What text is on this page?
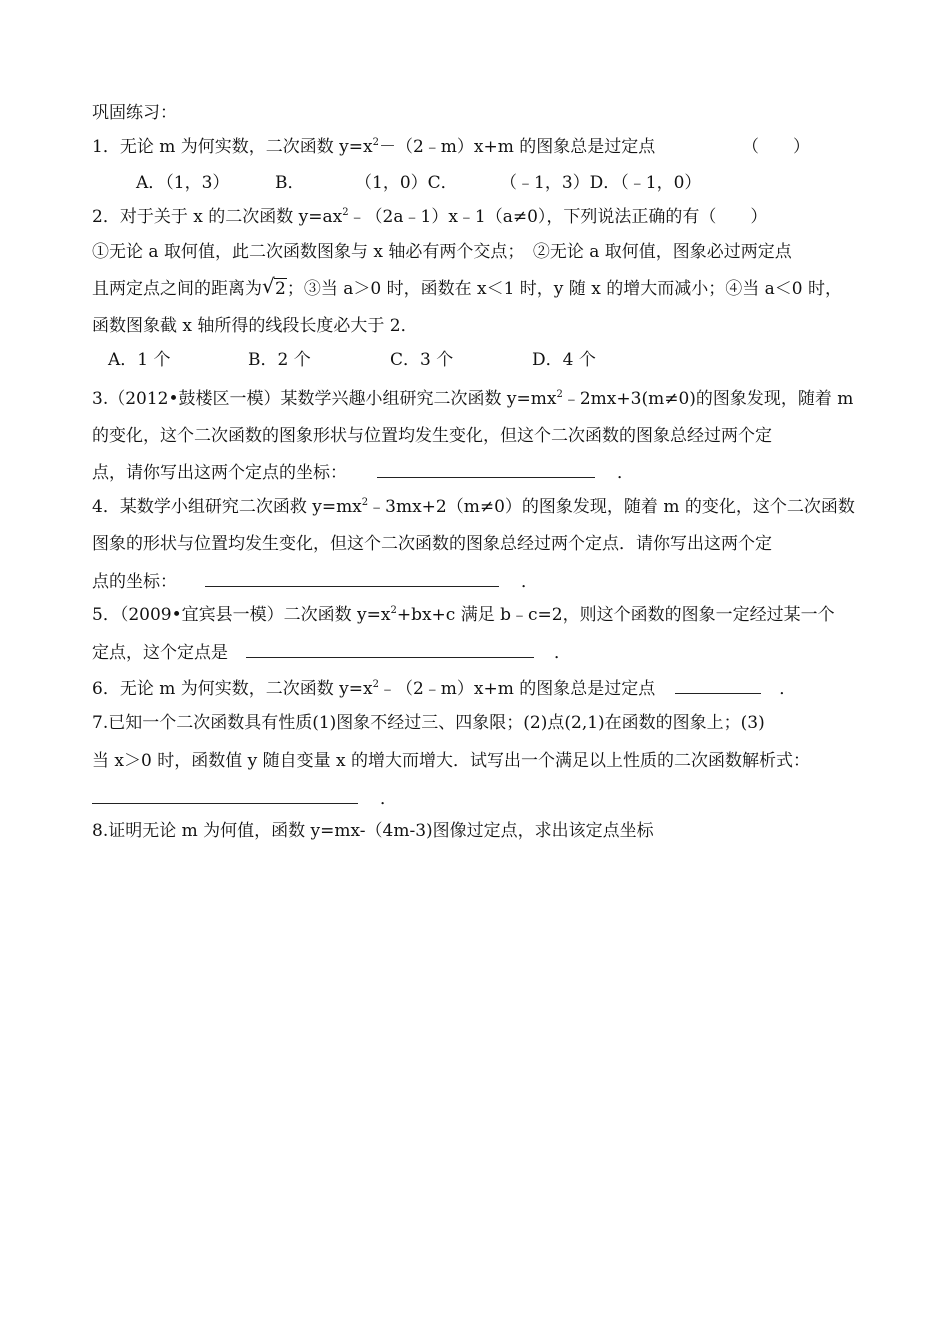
巩固练习：
1．无论 m 为何实数，二次函数 $y=x^2-(2﹣m)x+m$ 的图象总是过定点	（　　）
A．（1，3）	B．	（1，0）C． （﹣1，3）D．（﹣1，0）
2．对于关于 x 的二次函数 $y=ax^2﹣(2a﹣1)x﹣1(a\ne 0)$，下列说法正确的有（　　）
①无论 a 取何值，此二次函数图象与 x 轴必有两个交点；　②无论 a 取何值，图象必过两定点
且两定点之间的距离为 √ 2；③当 a＞0 时，函数在 x＜1 时，y 随 x 的增大而减小；④当 a＜0 时，
函数图象截 x 轴所得的线段长度必大于 2．
A．1 个	B．2 个	C．3 个	D．4 个
3.（2012•鼓楼区一模）某数学兴趣小组研究二次函数 $y=mx^2﹣2mx+3(m\ne 0)$的图象发现，随着 m
的变化，这个二次函数的图象形状与位置均发生变化，但这个二次函数的图象总经过两个定
点，请你写出这两个定点的坐标：	．
4．某数学小组研究二次函救 $y=mx^2﹣3mx+2(m\ne 0)$的图象发现，随着 m 的变化，这个二次函数
图象的形状与位置均发生变化，但这个二次函数的图象总经过两个定点．请你写出这两个定
点的坐标：	．
5．（2009•宜宾县一模）二次函数 $y=x^2+bx+c$ 满足 b﹣c=2，则这个函数的图象一定经过某一个
定点，这个定点是	．
6．无论 m 为何实数，二次函数 $y=x^2﹣(2﹣m)x+m$ 的图象总是过定点	．
7.已知一个二次函数具有性质(1)图象不经过三、四象限；(2)点(2,1)在函数的图象上；(3)
当 x＞0 时，函数值 y 随自变量 x 的增大而增大．试写出一个满足以上性质的二次函数解析式：
．
8.证明无论 m 为何值，函数 y=mx-（4m-3)图像过定点，求出该定点坐标
